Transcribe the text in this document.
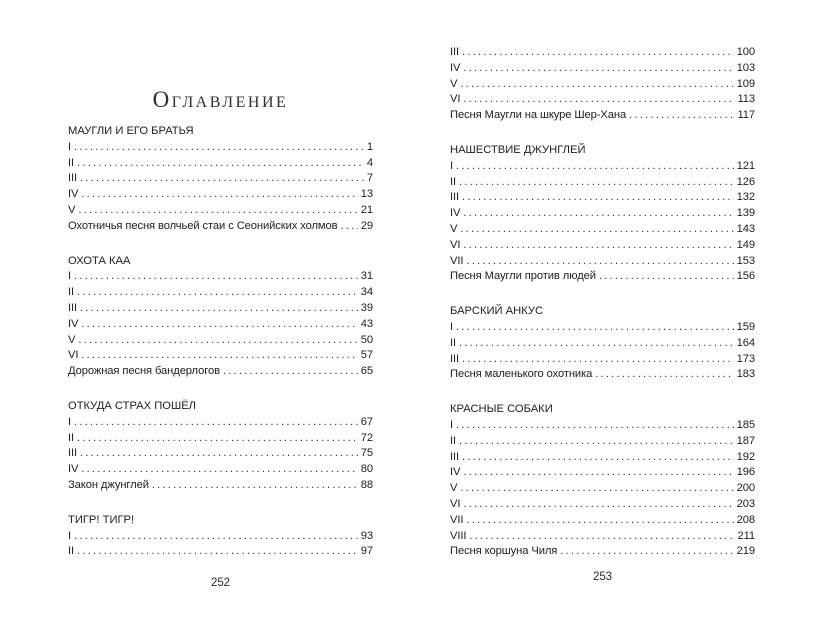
Оглавление
МАУГЛИ И ЕГО БРАТЬЯ
I .....	1
II .....	4
III .....	7
IV .....	13
V .....	21
Охотничья песня волчьей стаи с Сеонийских холмов ..... 29
ОХОТА КАА
I .....	31
II .....	34
III .....	39
IV .....	43
V .....	50
VI .....	57
Дорожная песня бандерлогов .....	65
ОТКУДА СТРАХ ПОШЁЛ
I .....	67
II .....	72
III .....	75
IV .....	80
Закон джунглей .....	88
ТИГР! ТИГР!
I .....	93
II .....	97
III .....	100
IV .....	103
V .....	109
VI .....	113
Песня Маугли на шкуре Шер-Хана .....	117
НАШЕСТВИЕ ДЖУНГЛЕЙ
I .....	121
II .....	126
III .....	132
IV .....	139
V .....	143
VI .....	149
VII .....	153
Песня Маугли против людей .....	156
БАРСКИЙ АНКУС
I .....	159
II .....	164
III .....	173
Песня маленького охотника .....	183
КРАСНЫЕ СОБАКИ
I .....	185
II .....	187
III .....	192
IV .....	196
V .....	200
VI .....	203
VII .....	208
VIII .....	211
Песня коршуна Чиля .....	219
252	253
